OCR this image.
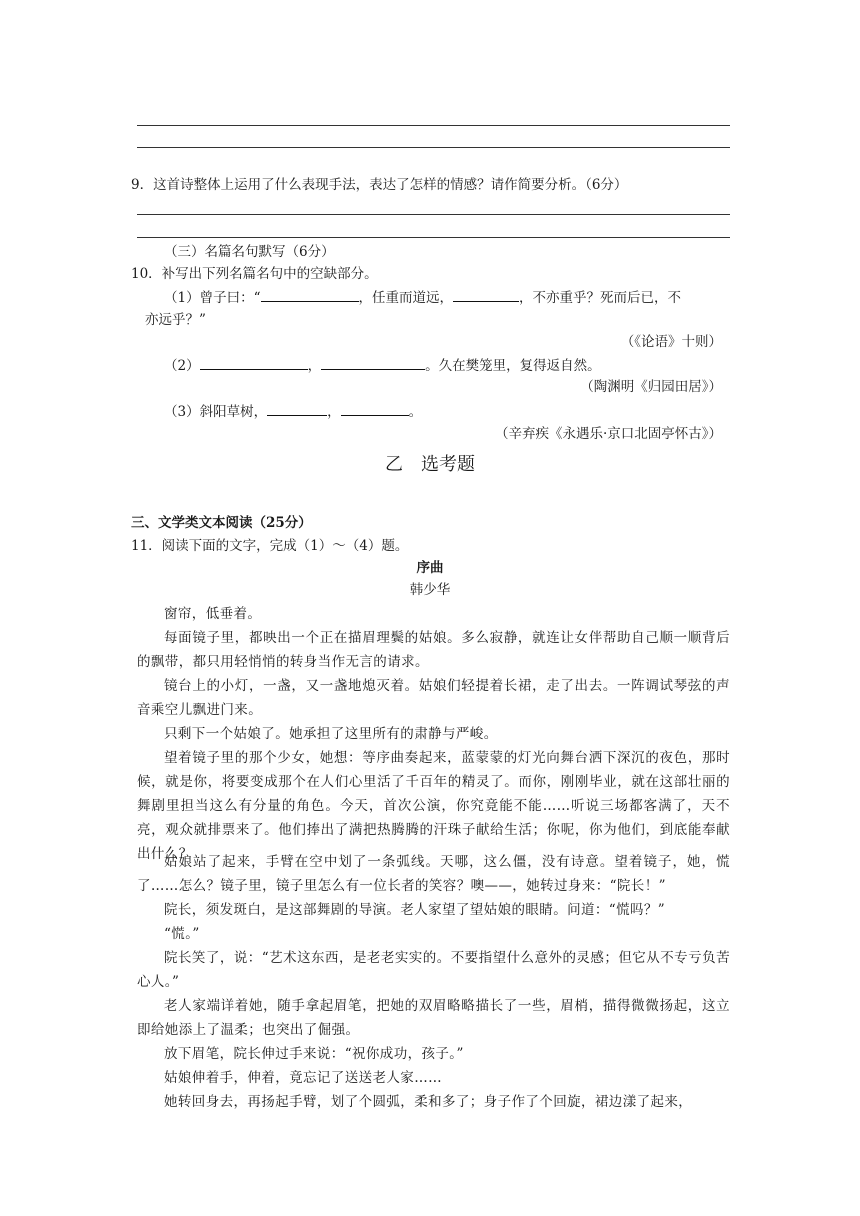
9．这首诗整体上运用了什么表现手法，表达了怎样的情感？请作简要分析。（6分）
（三）名篇名句默写（6分）
10．补写出下列名篇名句中的空缺部分。
（1）曾子曰：“	，任重而道远，	，不亦重乎？死而后已，不
亦远乎？”
（《论语》十则）
（2）	，	。久在樊笼里，复得返自然。
（陶渊明《归园田居》）
（3）斜阳草树，	，	。
（辛弃疾《永遇乐·京口北固亭怀古》）
乙　选考题
三、文学类文本阅读（25分）
11．阅读下面的文字，完成（1）～（4）题。
序曲
韩少华
窗帘，低垂着。
每面镜子里，都映出一个正在描眉理鬓的姑娘。多么寂静，就连让女伴帮助自己顺一顺背后的飘带，都只用轻悄悄的转身当作无言的请求。
镜台上的小灯，一盏，又一盏地熄灭着。姑娘们轻提着长裙，走了出去。一阵调试琴弦的声音乘空儿飘进门来。
只剩下一个姑娘了。她承担了这里所有的肃静与严峻。
望着镜子里的那个少女，她想：等序曲奏起来，蓝蒙蒙的灯光向舞台洒下深沉的夜色，那时候，就是你，将要变成那个在人们心里活了千百年的精灵了。而你，刚刚毕业，就在这部壮丽的舞剧里担当这么有分量的角色。今天，首次公演，你究竟能不能……听说三场都客满了，天不亮，观众就排票来了。他们捧出了满把热腾腾的汗珠子献给生活；你呢，你为他们，到底能奉献出什么？
姑娘站了起来，手臂在空中划了一条弧线。天哪，这么僵，没有诗意。望着镜子，她，慌了……怎么？镜子里，镜子里怎么有一位长者的笑容？噢——，她转过身来：“院长！”
院长，须发斑白，是这部舞剧的导演。老人家望了望姑娘的眼睛。问道：“慌吗？”
“慌。”
院长笑了，说：“艺术这东西，是老老实实的。不要指望什么意外的灵感；但它从不专亏负苦心人。”
老人家端详着她，随手拿起眉笔，把她的双眉略略描长了一些，眉梢，描得微微扬起，这立即给她添上了温柔；也突出了倔强。
放下眉笔，院长伸过手来说：“祝你成功，孩子。”
姑娘伸着手，伸着，竟忘记了送送老人家……
她转回身去，再扬起手臂，划了个圆弧，柔和多了；身子作了个回旋，裙边漾了起来，
